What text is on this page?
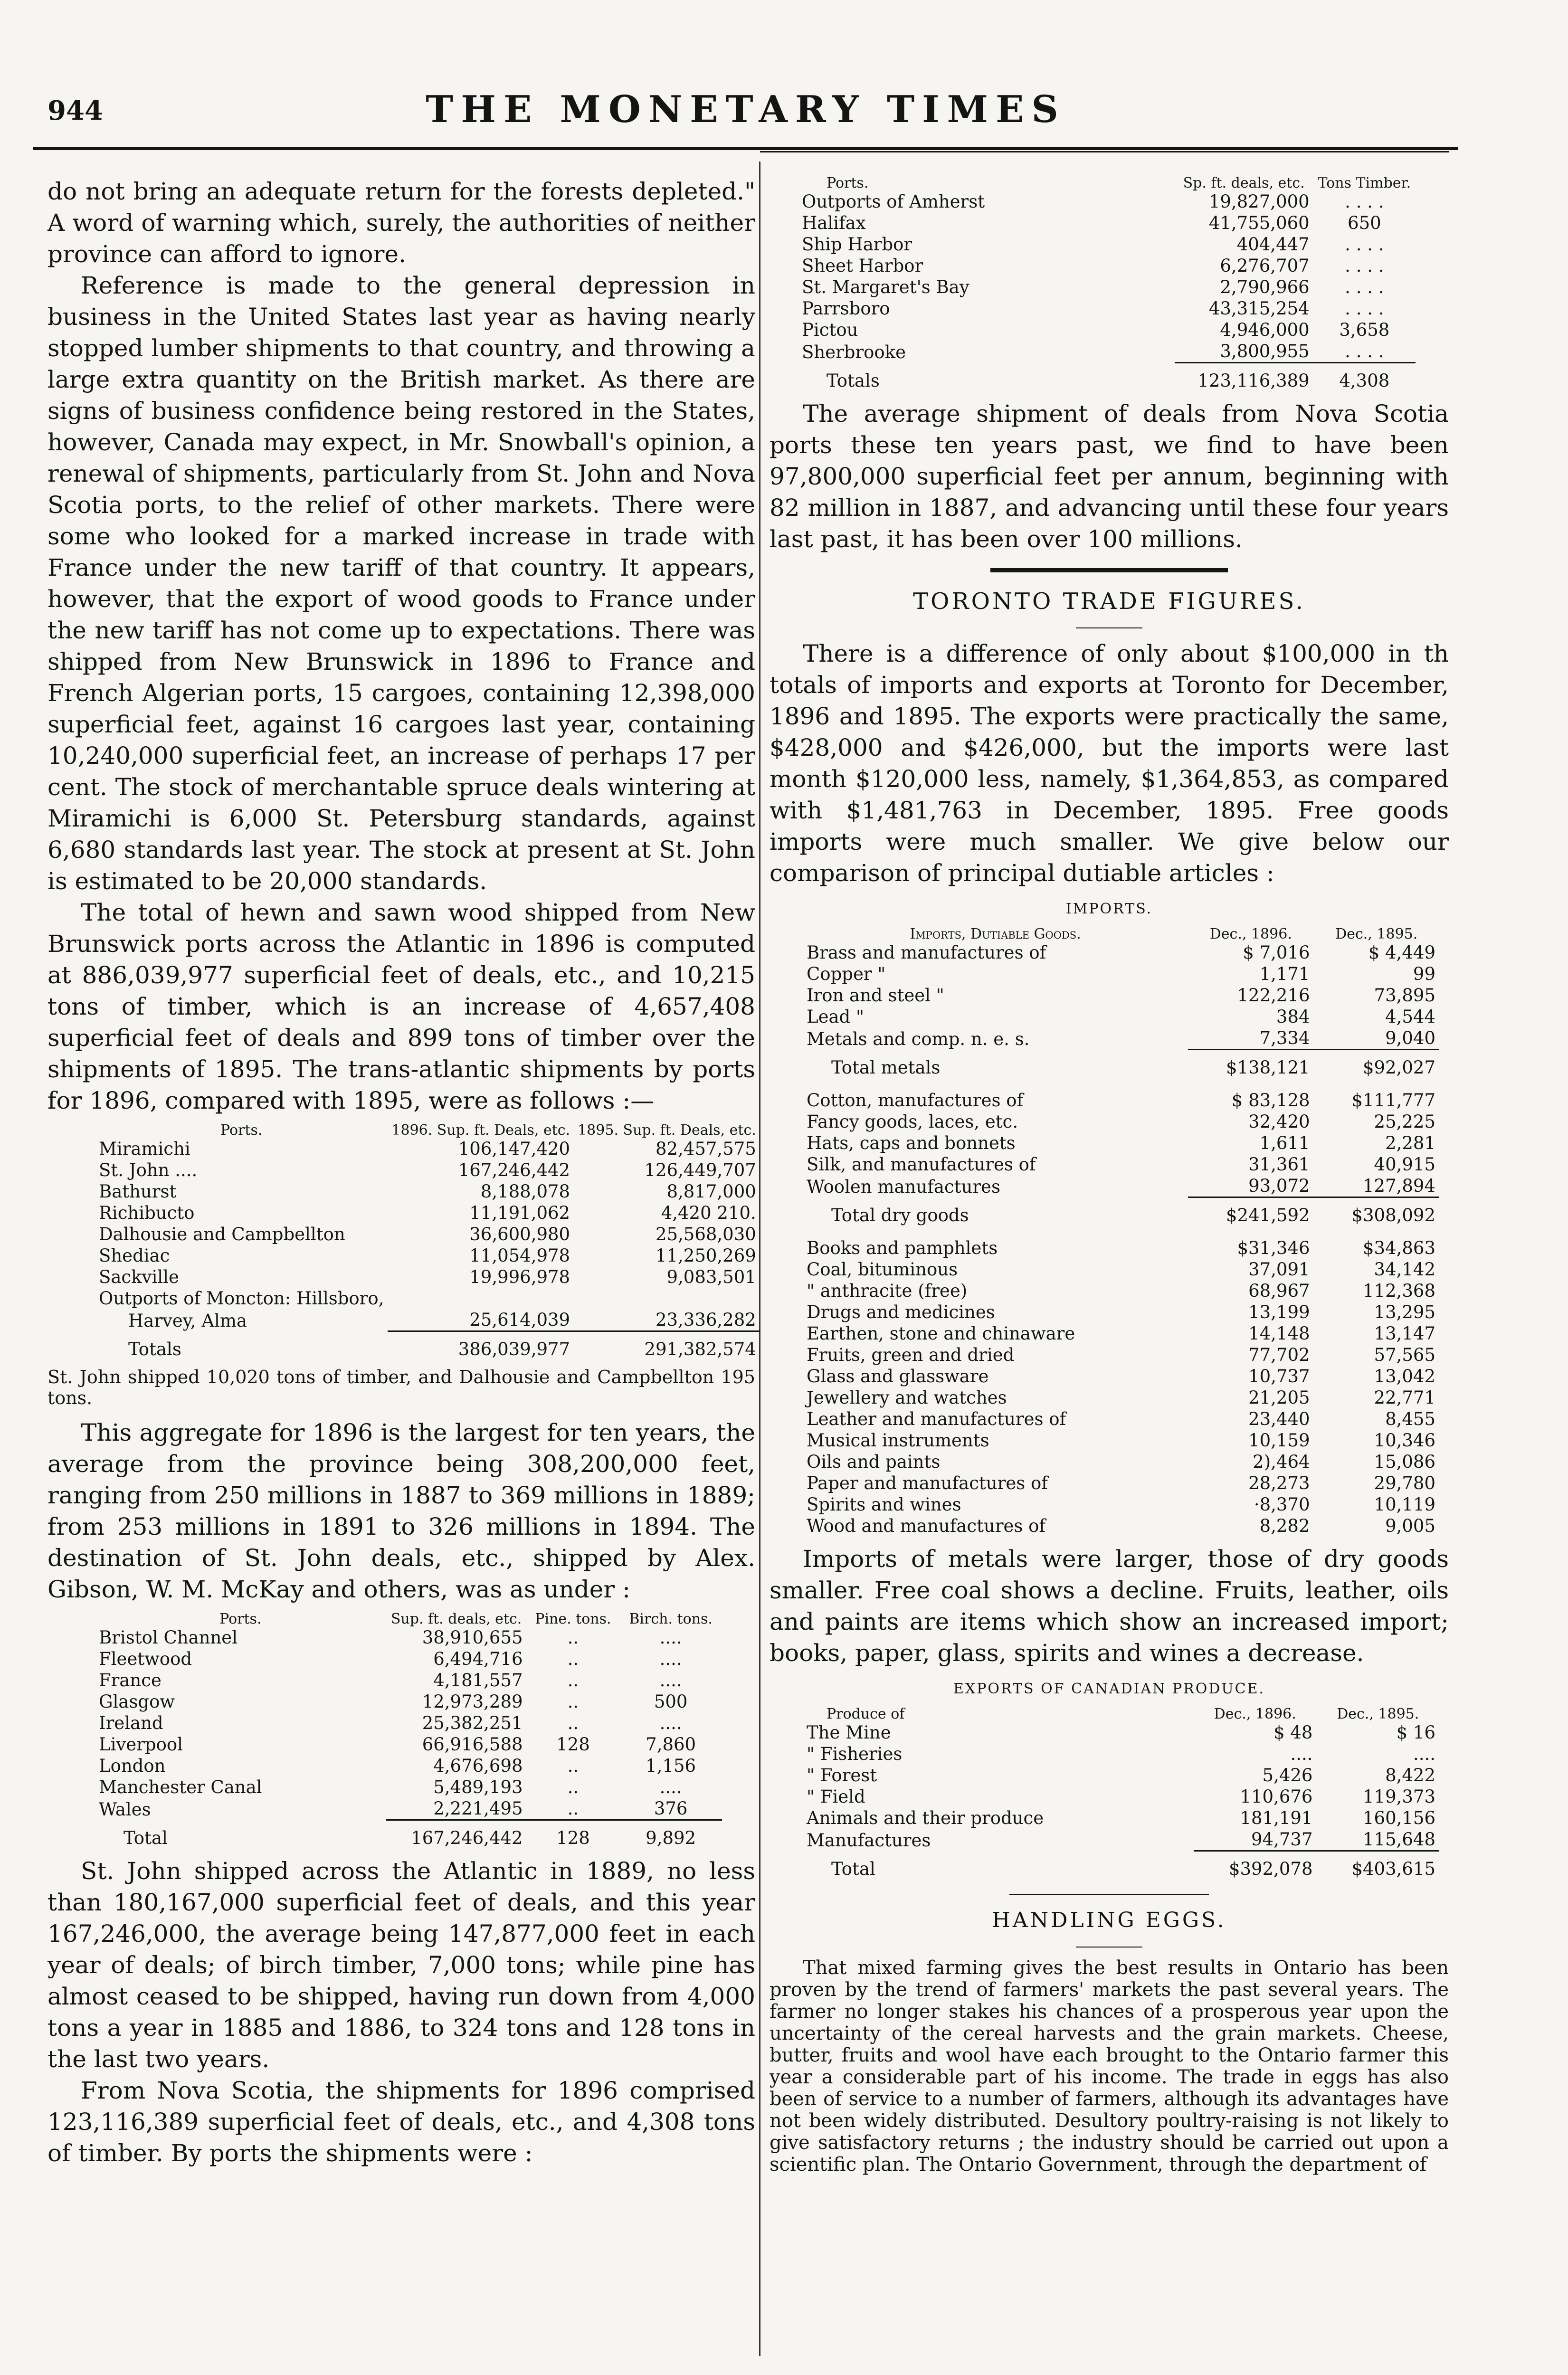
944	THE MONETARY TIMES

do not bring an adequate return for the forests depleted." A word of warning which, surely, the authorities of neither province can afford to ignore.

Reference is made to the general depression in business in the United States last year as having nearly stopped lumber shipments to that country, and throwing a large extra quantity on the British market. As there are signs of business confidence being restored in the States, however, Canada may expect, in Mr. Snowball's opinion, a renewal of shipments, particularly from St. John and Nova Scotia ports, to the relief of other markets. There were some who looked for a marked increase in trade with France under the new tariff of that country. It appears, however, that the export of wood goods to France under the new tariff has not come up to expectations. There was shipped from New Brunswick in 1896 to France and French Algerian ports, 15 cargoes, containing 12,398,000 superficial feet, against 16 cargoes last year, containing 10,240,000 superficial feet, an increase of perhaps 17 per cent. The stock of merchantable spruce deals wintering at Miramichi is 6,000 St. Petersburg standards, against 6,680 standards last year. The stock at present at St. John is estimated to be 20,000 standards.

The total of hewn and sawn wood shipped from New Brunswick ports across the Atlantic in 1896 is computed at 886,039,977 superficial feet of deals, etc., and 10,215 tons of timber, which is an increase of 4,657,408 superficial feet of deals and 899 tons of timber over the shipments of 1895. The trans-atlantic shipments by ports for 1896, compared with 1895, were as follows :—

Ports.	1896. Sup. ft. Deals, etc.	1895. Sup. ft. Deals, etc.
Miramichi	106,147,420	82,457,575
St. John ....	167,246,442	126,449,707
Bathurst	8,188,078	8,817,000
Richibucto	11,191,062	4,420 210.
Dalhousie and Campbellton	36,600,980	25,568,030
Shediac	11,054,978	11,250,269
Sackville	19,996,978	9,083,501
Outports of Moncton: Hillsboro,		
Harvey, Alma	25,614,039	23,336,282
Totals	386,039,977	291,382,574

St. John shipped 10,020 tons of timber, and Dalhousie and Campbellton 195 tons.

This aggregate for 1896 is the largest for ten years, the average from the province being 308,200,000 feet, ranging from 250 millions in 1887 to 369 millions in 1889; from 253 millions in 1891 to 326 millions in 1894. The destination of St. John deals, etc., shipped by Alex. Gibson, W. M. McKay and others, was as under :

Ports.	Sup. ft. deals, etc.	Pine. tons.	Birch. tons.
Bristol Channel	38,910,655	..	....
Fleetwood	6,494,716	..	....
France	4,181,557	..	....
Glasgow	12,973,289	..	500
Ireland	25,382,251	..	....
Liverpool	66,916,588	128	7,860
London	4,676,698	..	1,156
Manchester Canal	5,489,193	..	....
Wales	2,221,495	..	376
Total	167,246,442	128	9,892

St. John shipped across the Atlantic in 1889, no less than 180,167,000 superficial feet of deals, and this year 167,246,000, the average being 147,877,000 feet in each year of deals; of birch timber, 7,000 tons; while pine has almost ceased to be shipped, having run down from 4,000 tons a year in 1885 and 1886, to 324 tons and 128 tons in the last two years.

From Nova Scotia, the shipments for 1896 comprised 123,116,389 superficial feet of deals, etc., and 4,308 tons of timber. By ports the shipments were :

Ports.	Sp. ft. deals, etc.	Tons Timber.
Outports of Amherst	19,827,000	. . . .
Halifax	41,755,060	650
Ship Harbor	404,447	. . . .
Sheet Harbor	6,276,707	. . . .
St. Margaret's Bay	2,790,966	. . . .
Parrsboro	43,315,254	. . . .
Pictou	4,946,000	3,658
Sherbrooke	3,800,955	. . . .
Totals	123,116,389	4,308

The average shipment of deals from Nova Scotia ports these ten years past, we find to have been 97,800,000 superficial feet per annum, beginning with 82 million in 1887, and advancing until these four years last past, it has been over 100 millions.

TORONTO TRADE FIGURES.

There is a difference of only about $100,000 in th totals of imports and exports at Toronto for December, 1896 and 1895. The exports were practically the same, $428,000 and $426,000, but the imports were last month $120,000 less, namely, $1,364,853, as compared with $1,481,763 in December, 1895. Free goods imports were much smaller. We give below our comparison of principal dutiable articles :

IMPORTS.
Imports, Dutiable Goods.	Dec., 1896.	Dec., 1895.
Brass and manufactures of	$ 7,016	$ 4,449
Copper "	1,171	99
Iron and steel "	122,216	73,895
Lead "	384	4,544
Metals and comp. n. e. s.	7,334	9,040
Total metals	$138,121	$92,027

Cotton, manufactures of	$ 83,128	$111,777
Fancy goods, laces, etc.	32,420	25,225
Hats, caps and bonnets	1,611	2,281
Silk, and manufactures of	31,361	40,915
Woolen manufactures	93,072	127,894
Total dry goods	$241,592	$308,092

Books and pamphlets	$31,346	$34,863
Coal, bituminous	37,091	34,142
" anthracite (free)	68,967	112,368
Drugs and medicines	13,199	13,295
Earthen, stone and chinaware	14,148	13,147
Fruits, green and dried	77,702	57,565
Glass and glassware	10,737	13,042
Jewellery and watches	21,205	22,771
Leather and manufactures of	23,440	8,455
Musical instruments	10,159	10,346
Oils and paints	2),464	15,086
Paper and manufactures of	28,273	29,780
Spirits and wines	·8,370	10,119
Wood and manufactures of	8,282	9,005

Imports of metals were larger, those of dry goods smaller. Free coal shows a decline. Fruits, leather, oils and paints are items which show an increased import; books, paper, glass, spirits and wines a decrease.

EXPORTS OF CANADIAN PRODUCE.
Produce of	Dec., 1896.	Dec., 1895.
The Mine	$ 48	$ 16
" Fisheries	....	....
" Forest	5,426	8,422
" Field	110,676	119,373
Animals and their produce	181,191	160,156
Manufactures	94,737	115,648
Total	$392,078	$403,615
HANDLING EGGS.

That mixed farming gives the best results in Ontario has been proven by the trend of farmers' markets the past several years. The farmer no longer stakes his chances of a prosperous year upon the uncertainty of the cereal harvests and the grain markets. Cheese, butter, fruits and wool have each brought to the Ontario farmer this year a considerable part of his income. The trade in eggs has also been of service to a number of farmers, although its advantages have not been widely distributed. Desultory poultry-raising is not likely to give satisfactory returns ; the industry should be carried out upon a scientific plan. The Ontario Government, through the department of
